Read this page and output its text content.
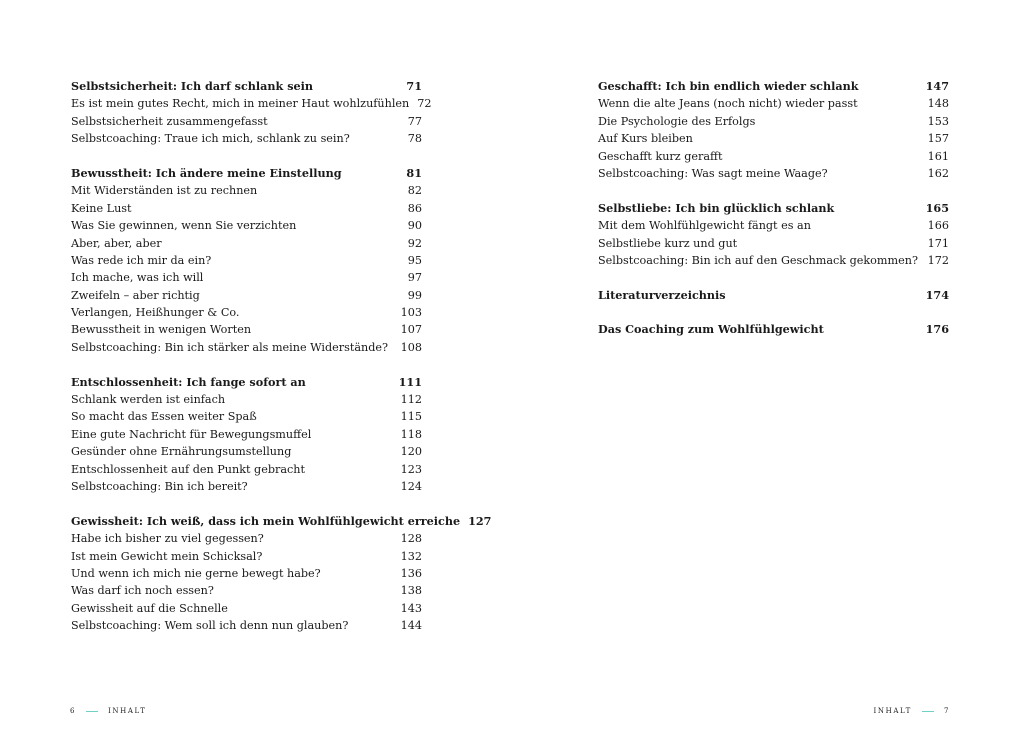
Selbstsicherheit: Ich darf schlank sein	71
Es ist mein gutes Recht, mich in meiner Haut wohlzufühlen 72
Selbstsicherheit zusammengefasst	77
Selbstcoaching: Traue ich mich, schlank zu sein?	78
Bewusstheit: Ich ändere meine Einstellung	81
Mit Widerständen ist zu rechnen	82
Keine Lust	86
Was Sie gewinnen, wenn Sie verzichten	90
Aber, aber, aber	92
Was rede ich mir da ein?	95
Ich mache, was ich will	97
Zweifeln – aber richtig	99
Verlangen, Heißhunger & Co.	103
Bewusstheit in wenigen Worten	107
Selbstcoaching: Bin ich stärker als meine Widerstände?	108
Entschlossenheit: Ich fange sofort an	111
Schlank werden ist einfach	112
So macht das Essen weiter Spaß	115
Eine gute Nachricht für Bewegungsmuffel	118
Gesünder ohne Ernährungsumstellung	120
Entschlossenheit auf den Punkt gebracht	123
Selbstcoaching: Bin ich bereit?	124
Gewissheit: Ich weiß, dass ich mein Wohlfühlgewicht erreiche 127
Habe ich bisher zu viel gegessen?	128
Ist mein Gewicht mein Schicksal?	132
Und wenn ich mich nie gerne bewegt habe?	136
Was darf ich noch essen?	138
Gewissheit auf die Schnelle	143
Selbstcoaching: Wem soll ich denn nun glauben?	144
Geschafft: Ich bin endlich wieder schlank	147
Wenn die alte Jeans (noch nicht) wieder passt	148
Die Psychologie des Erfolgs	153
Auf Kurs bleiben	157
Geschafft kurz gerafft	161
Selbstcoaching: Was sagt meine Waage?	162
Selbstliebe: Ich bin glücklich schlank	165
Mit dem Wohlfühlgewicht fängt es an	166
Selbstliebe kurz und gut	171
Selbstcoaching: Bin ich auf den Geschmack gekommen? 172
Literaturverzeichnis	174
Das Coaching zum Wohlfühlgewicht	176
6	INHALT	INHALT	7
